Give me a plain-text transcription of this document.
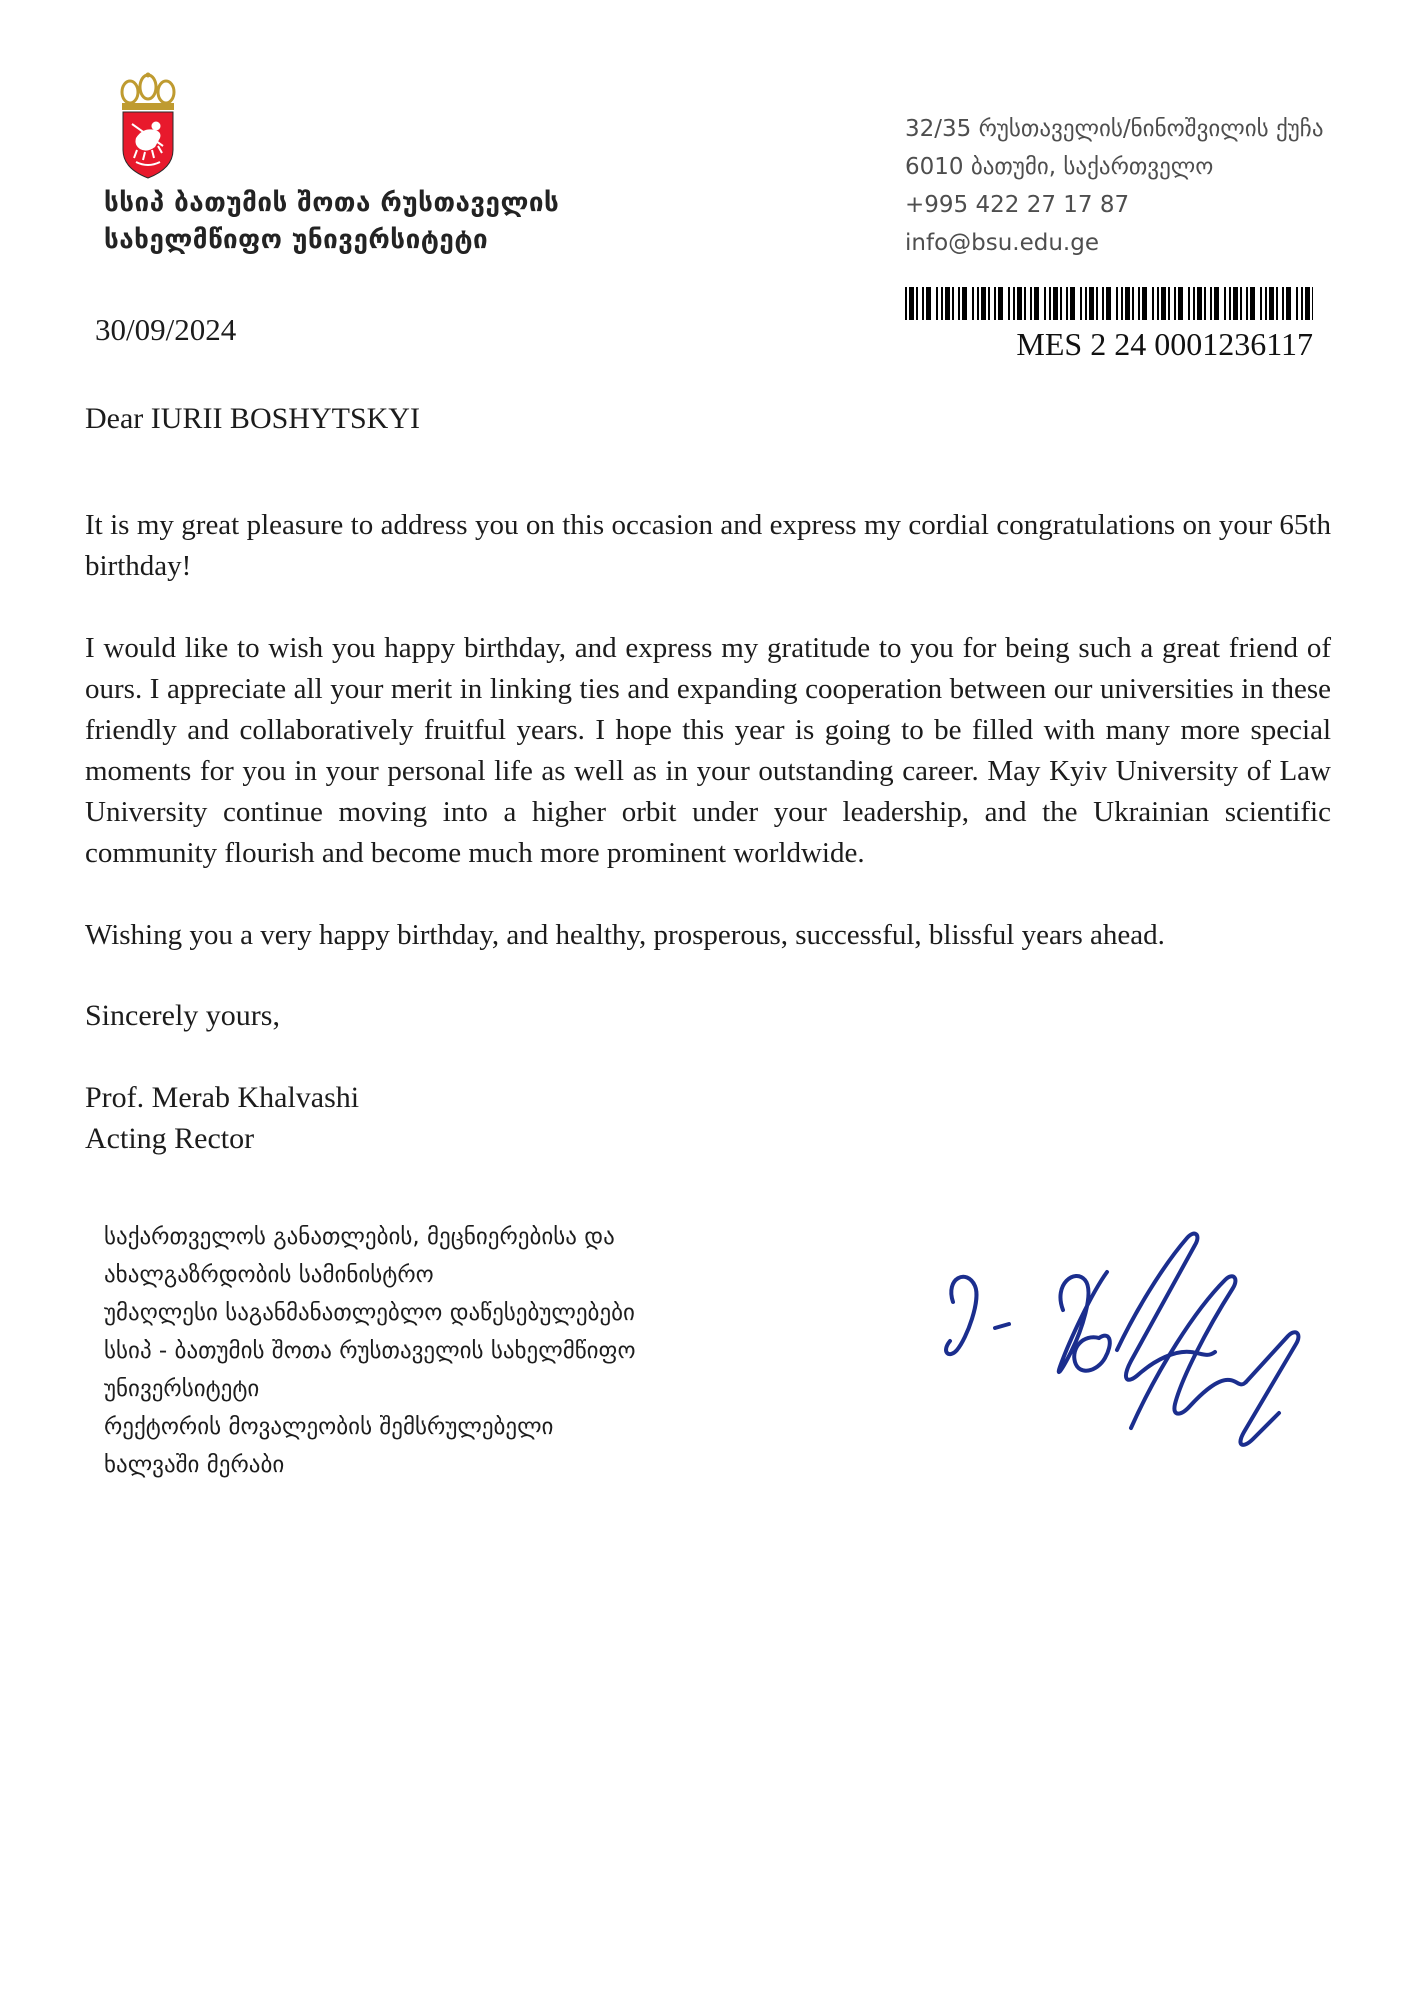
სსიპ ბათუმის შოთა რუსთაველის
სახელმწიფო უნივერსიტეტი
32/35 რუსთაველის/ნინოშვილის ქუჩა
6010 ბათუმი, საქართველო
+995 422 27 17 87
info@bsu.edu.ge
MES 2 24 0001236117
30/09/2024
Dear IURII BOSHYTSKYI

It is my great pleasure to address you on this occasion and express my cordial congratulations on your 65th birthday!

I would like to wish you happy birthday, and express my gratitude to you for being such a great friend of ours. I appreciate all your merit in linking ties and expanding cooperation between our universities in these friendly and collaboratively fruitful years. I hope this year is going to be filled with many more special moments for you in your personal life as well as in your outstanding career. May Kyiv University of Law University continue moving into a higher orbit under your leadership, and the Ukrainian scientific community flourish and become much more prominent worldwide.

Wishing you a very happy birthday, and healthy, prosperous, successful, blissful years ahead.

Sincerely yours,
Prof. Merab Khalvashi
Acting Rector
საქართველოს განათლების, მეცნიერებისა და
ახალგაზრდობის სამინისტრო
უმაღლესი საგანმანათლებლო დაწესებულებები
სსიპ - ბათუმის შოთა რუსთაველის სახელმწიფო
უნივერსიტეტი
რექტორის მოვალეობის შემსრულებელი
ხალვაში მერაბი
